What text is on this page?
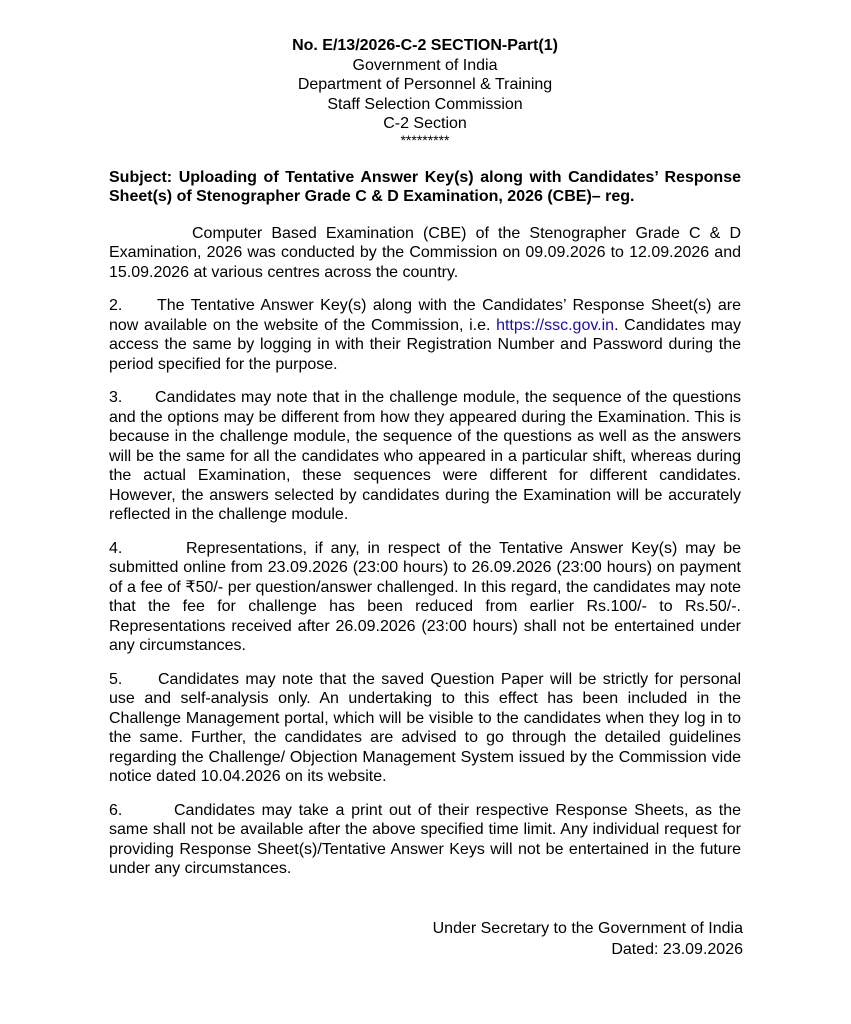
No. E/13/2026-C-2 SECTION-Part(1)
Government of India
Department of Personnel & Training
Staff Selection Commission
C-2 Section
*********
Subject: Uploading of Tentative Answer Key(s) along with Candidates’ Response Sheet(s) of Stenographer Grade C & D Examination, 2026 (CBE)– reg.

Computer Based Examination (CBE) of the Stenographer Grade C & D Examination, 2026 was conducted by the Commission on 09.09.2026 to 12.09.2026 and 15.09.2026 at various centres across the country.

2. The Tentative Answer Key(s) along with the Candidates’ Response Sheet(s) are now available on the website of the Commission, i.e. https://ssc.gov.in. Candidates may access the same by logging in with their Registration Number and Password during the period specified for the purpose.

3. Candidates may note that in the challenge module, the sequence of the questions and the options may be different from how they appeared during the Examination. This is because in the challenge module, the sequence of the questions as well as the answers will be the same for all the candidates who appeared in a particular shift, whereas during the actual Examination, these sequences were different for different candidates. However, the answers selected by candidates during the Examination will be accurately reflected in the challenge module.

4.	Representations, if any, in respect of the Tentative Answer Key(s) may be submitted online from 23.09.2026 (23:00 hours) to 26.09.2026 (23:00 hours) on payment of a fee of ₹50/- per question/answer challenged. In this regard, the candidates may note that the fee for challenge has been reduced from earlier Rs.100/- to Rs.50/-. Representations received after 26.09.2026 (23:00 hours) shall not be entertained under any circumstances.

5. Candidates may note that the saved Question Paper will be strictly for personal use and self-analysis only. An undertaking to this effect has been included in the Challenge Management portal, which will be visible to the candidates when they log in to the same. Further, the candidates are advised to go through the detailed guidelines regarding the Challenge/ Objection Management System issued by the Commission vide notice dated 10.04.2026 on its website.

6.	Candidates may take a print out of their respective Response Sheets, as the same shall not be available after the above specified time limit. Any individual request for providing Response Sheet(s)/Tentative Answer Keys will not be entertained in the future under any circumstances.

Under Secretary to the Government of India
Dated: 23.09.2026
